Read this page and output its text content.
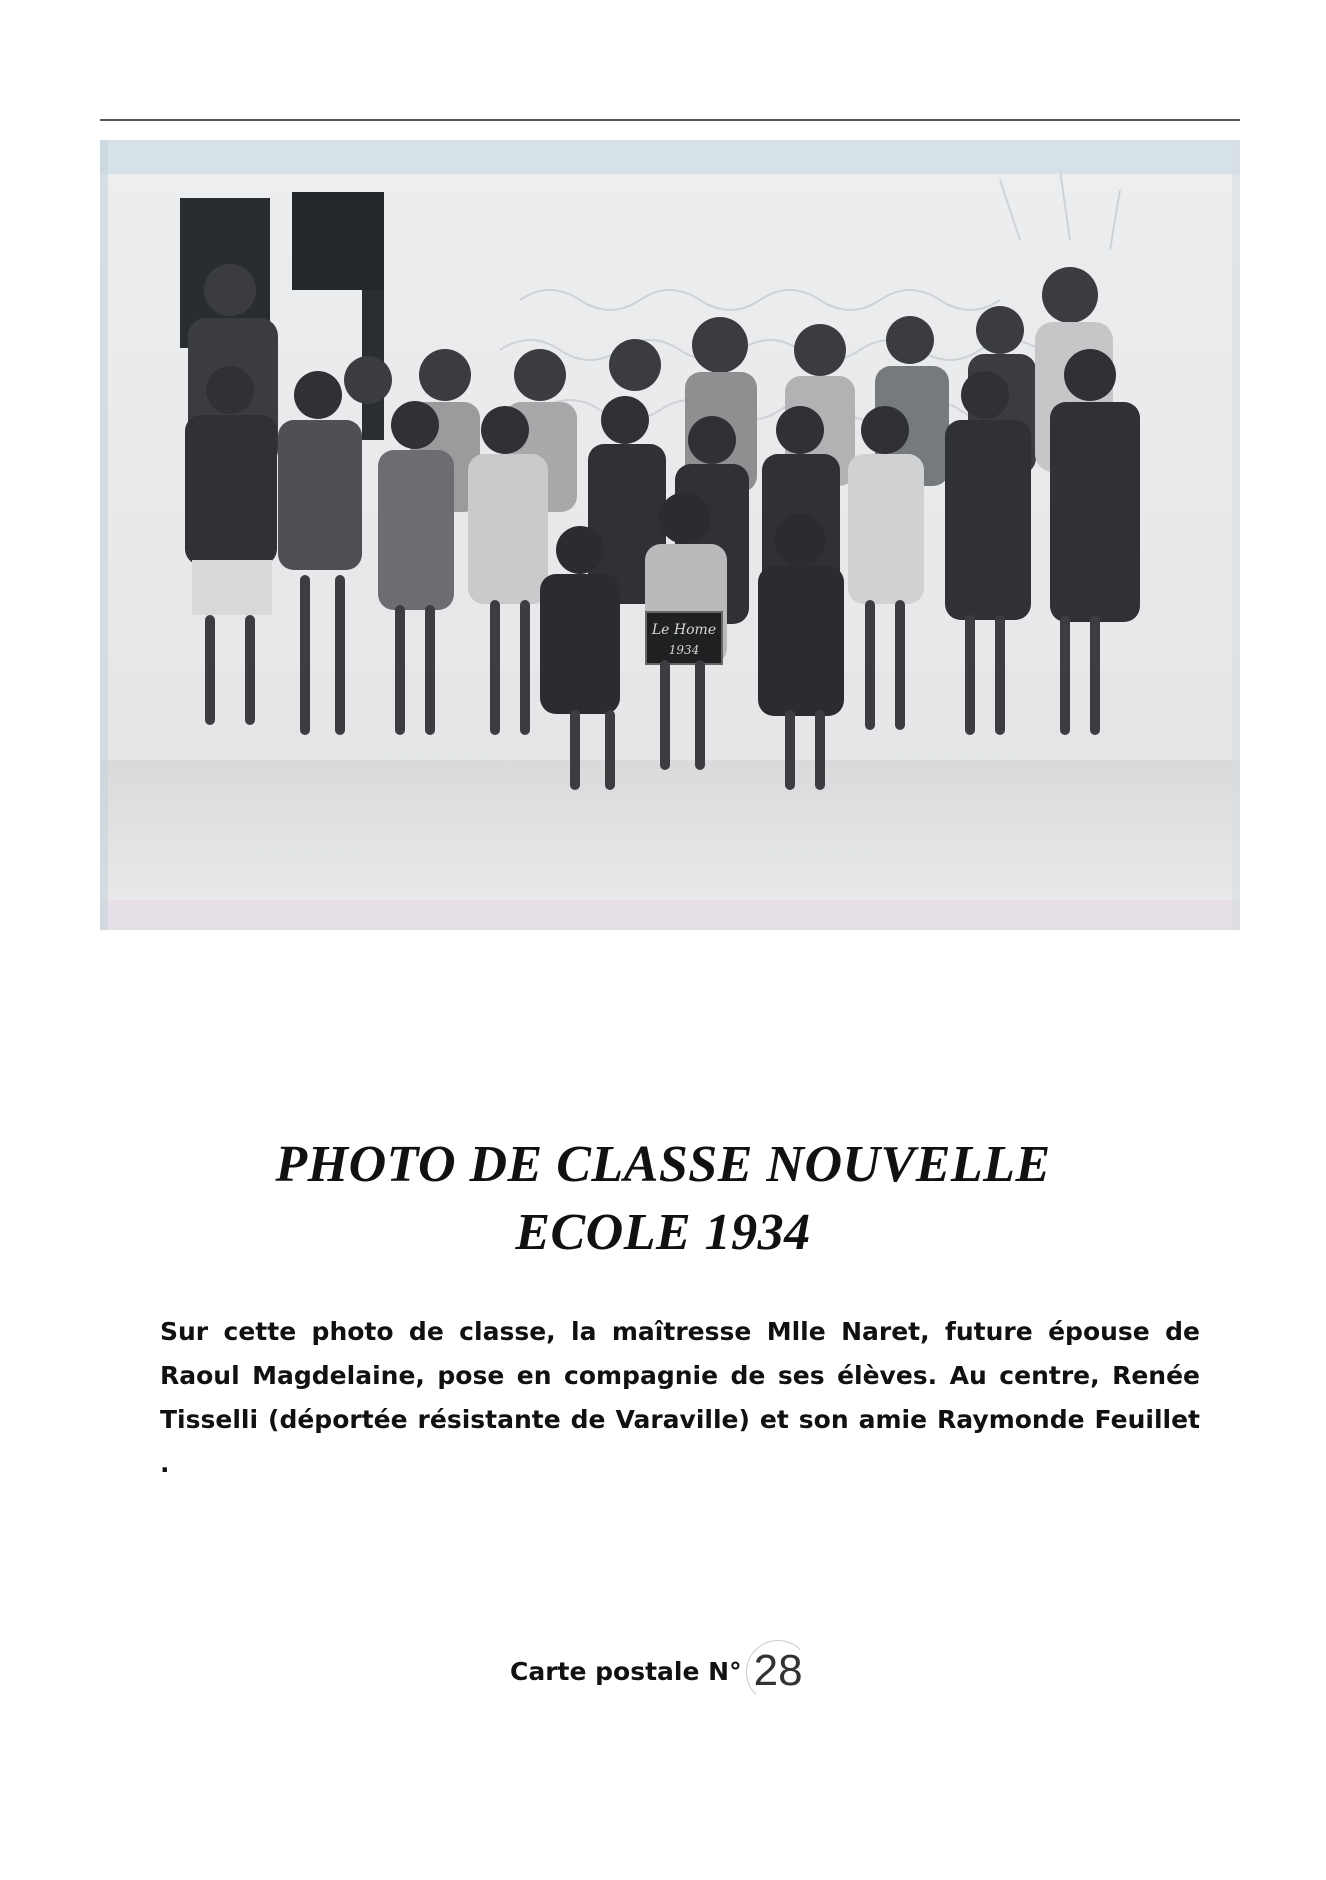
Le Home
1934
PHOTO DE CLASSE NOUVELLE
ECOLE 1934

Sur cette photo de classe, la maîtresse Mlle Naret, future épouse de Raoul Magdelaine, pose en compagnie de ses élèves. Au centre, Renée Tisselli (déportée résistante de Varaville) et son amie Raymonde Feuillet .

Carte postale N° 28
